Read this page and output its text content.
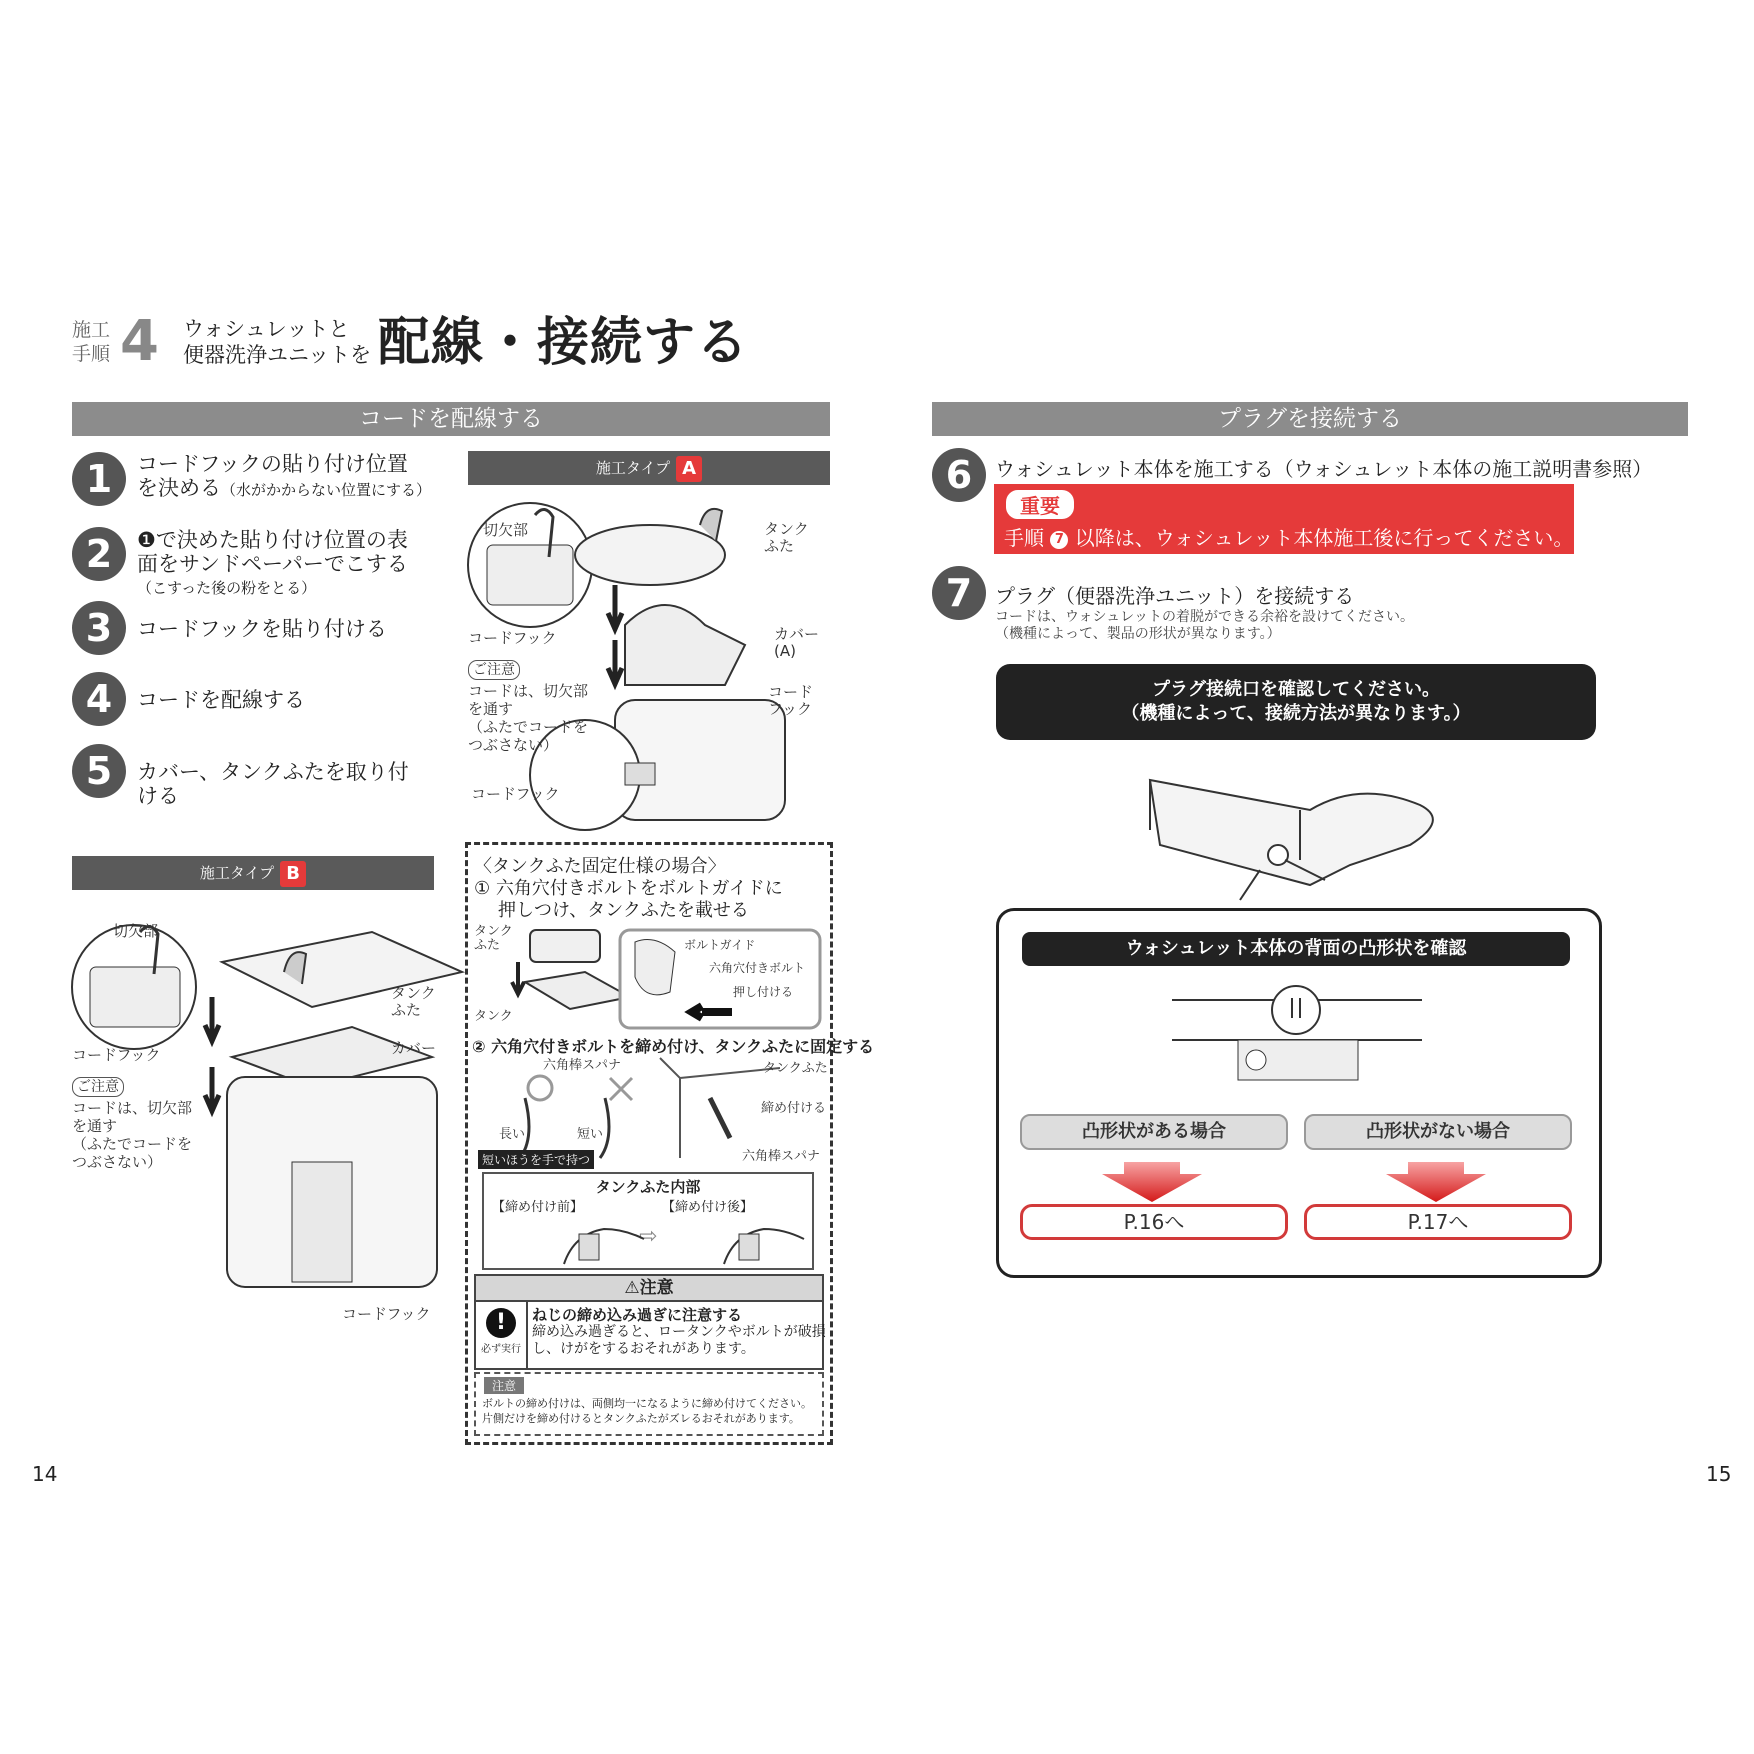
施工
手順 4 ウォシュレットと
便器洗浄ユニットを 配線・接続する
コードを配線する
1	コードフックの貼り付け位置
を決める（水がかからない位置にする）
2	❶で決めた貼り付け位置の表
面をサンドペーパーでこする
（こすった後の粉をとる）
3	コードフックを貼り付ける
4	コードを配線する
5	カバー、タンクふたを取り付
ける
施工タイプ A
切欠部	タンク
ふた
カバー
(A)
コード
フック
コードフック
ご注意
コードは、切欠部
を通す
（ふたでコードを
つぶさない）
コードフック
施工タイプ B
切欠部
タンク
ふた
カバー
コードフック
ご注意
コードは、切欠部
を通す
（ふたでコードを
つぶさない）
コードフック
〈タンクふた固定仕様の場合〉
① 六角穴付きボルトをボルトガイドに
押しつけ、タンクふたを載せる
タンク
ふた
タンク
ボルトガイド
六角穴付きボルト
押し付ける
② 六角穴付きボルトを締め付け、タンクふたに固定する
六角棒スパナ
長い	短い
短いほうを手で持つ
タンクふた
締め付ける
六角棒スパナ
タンクふた内部
【締め付け前】	【締め付け後】
⇨
⚠注意
!
必ず実行
ねじの締め込み過ぎに注意する
締め込み過ぎると、ロータンクやボルトが破損
し、けがをするおそれがあります。
注意
ボルトの締め付けは、両側均一になるように締め付けてください。
片側だけを締め付けるとタンクふたがズレるおそれがあります。
14
プラグを接続する
6	ウォシュレット本体を施工する（ウォシュレット本体の施工説明書参照）
重要
手順 7 以降は、ウォシュレット本体施工後に行ってください。
7	プラグ（便器洗浄ユニット）を接続する
コードは、ウォシュレットの着脱ができる余裕を設けてください。
（機種によって、製品の形状が異なります。）
プラグ接続口を確認してください。
（機種によって、接続方法が異なります。）
ウォシュレット本体の背面の凸形状を確認
凸形状がある場合	凸形状がない場合
P.16へ	P.17へ
15
